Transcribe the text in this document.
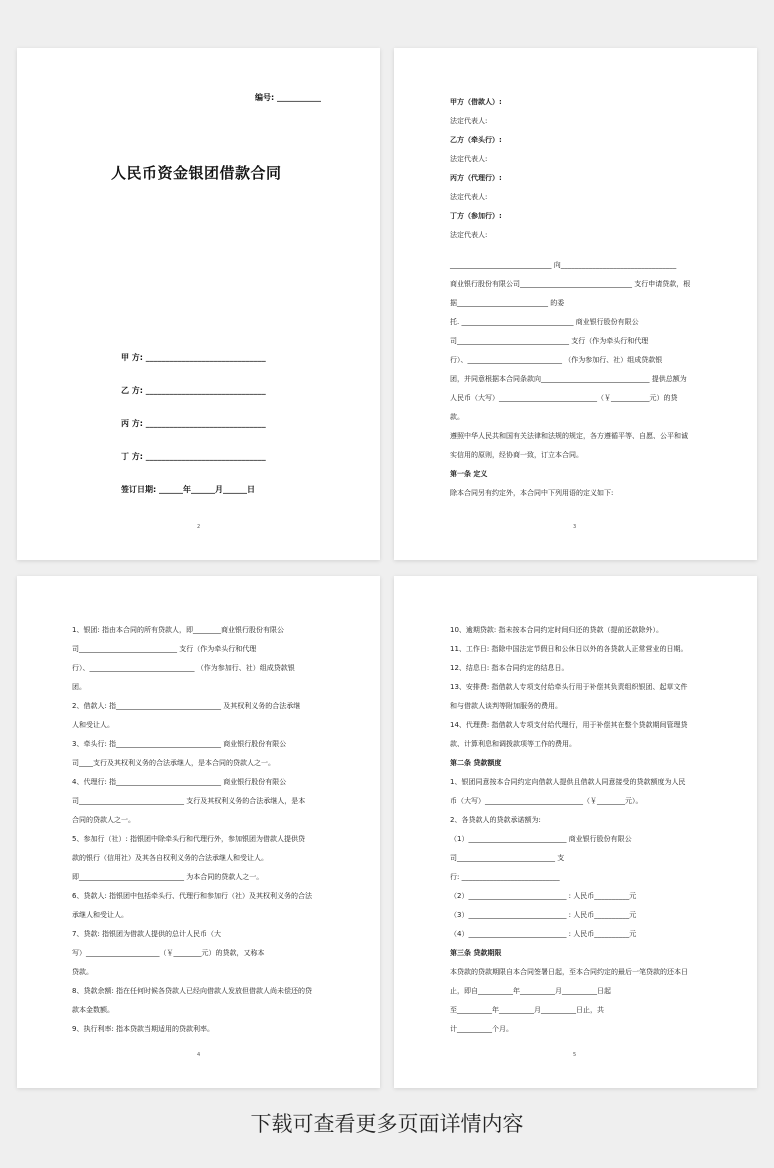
编号: ___________
人民币资金银团借款合同
甲 方: ______________________________
乙 方: ______________________________
丙 方: ______________________________
丁 方: ______________________________
签订日期: ______年______月______日
2
甲方（借款人）:
法定代表人:
乙方（牵头行）:
法定代表人:
丙方（代理行）:
法定代表人:
丁方（参加行）:
法定代表人:
_____________________________ 向_________________________________
商业银行股份有限公司________________________________ 支行申请贷款，根
据__________________________ 的委
托. ________________________________ 商业银行股份有限公
司________________________________ 支行（作为牵头行和代理
行）、___________________________ （作为参加行、社）组成贷款银
团，并同意根据本合同条款向_______________________________ 提供总额为
人民币（大写）____________________________（￥___________元）的贷
款。
遵照中华人民共和国有关法律和法规的规定，各方遵循平等、自愿、公平和诚
实信用的原则，经协商一致，订立本合同。
第一条 定义
除本合同另有约定外，本合同中下列用语的定义如下:
3
1、银团: 指由本合同的所有贷款人，即________商业银行股份有限公
司____________________________ 支行（作为牵头行和代理
行）、______________________________ （作为参加行、社）组成贷款银
团。
2、借款人: 指______________________________ 及其权利义务的合法承继
人和受让人。
3、牵头行: 指______________________________ 商业银行股份有限公
司____支行及其权利义务的合法承继人，是本合同的贷款人之一。
4、代理行: 指______________________________ 商业银行股份有限公
司______________________________ 支行及其权利义务的合法承继人，是本
合同的贷款人之一。
5、参加行（社）: 指银团中除牵头行和代理行外，参加银团为借款人提供贷
款的银行（信用社）及其各自权利义务的合法承继人和受让人。
即______________________________ 为本合同的贷款人之一。
6、贷款人: 指银团中包括牵头行、代理行和参加行（社）及其权利义务的合法
承继人和受让人。
7、贷款: 指银团为借款人提供的总计人民币（大
写）_____________________（￥________元）的贷款，又称本
贷款。
8、贷款余额: 指在任何时候各贷款人已经向借款人发放但借款人尚未偿还的贷
款本金数额。
9、执行利率: 指本贷款当期适用的贷款利率。
4
10、逾期贷款: 指未按本合同约定时间归还的贷款（提前还款除外）。
11、工作日: 指除中国法定节假日和公休日以外的各贷款人正常营业的日期。
12、结息日: 指本合同约定的结息日。
13、安排费: 指借款人专项支付给牵头行用于补偿其负责组织银团、起草文件
和与借款人谈判等附加服务的费用。
14、代理费: 指借款人专项支付给代理行，用于补偿其在整个贷款期间管理贷
款、计算利息和调拨款项等工作的费用。
第二条 贷款额度
1、银团同意按本合同约定向借款人提供且借款人同意接受的贷款额度为人民
币（大写）____________________________（￥________元）。
2、各贷款人的贷款承诺额为:
（1）____________________________ 商业银行股份有限公
司____________________________ 支
行: ____________________________
（2）____________________________ : 人民币__________元
（3）____________________________ : 人民币__________元
（4）____________________________ : 人民币__________元
第三条 贷款期限
本贷款的贷款期限自本合同签署日起，至本合同约定的最后一笔贷款的还本日
止，即自__________年__________月__________日起
至__________年__________月__________日止，共
计__________个月。
5
下载可查看更多页面详情内容
